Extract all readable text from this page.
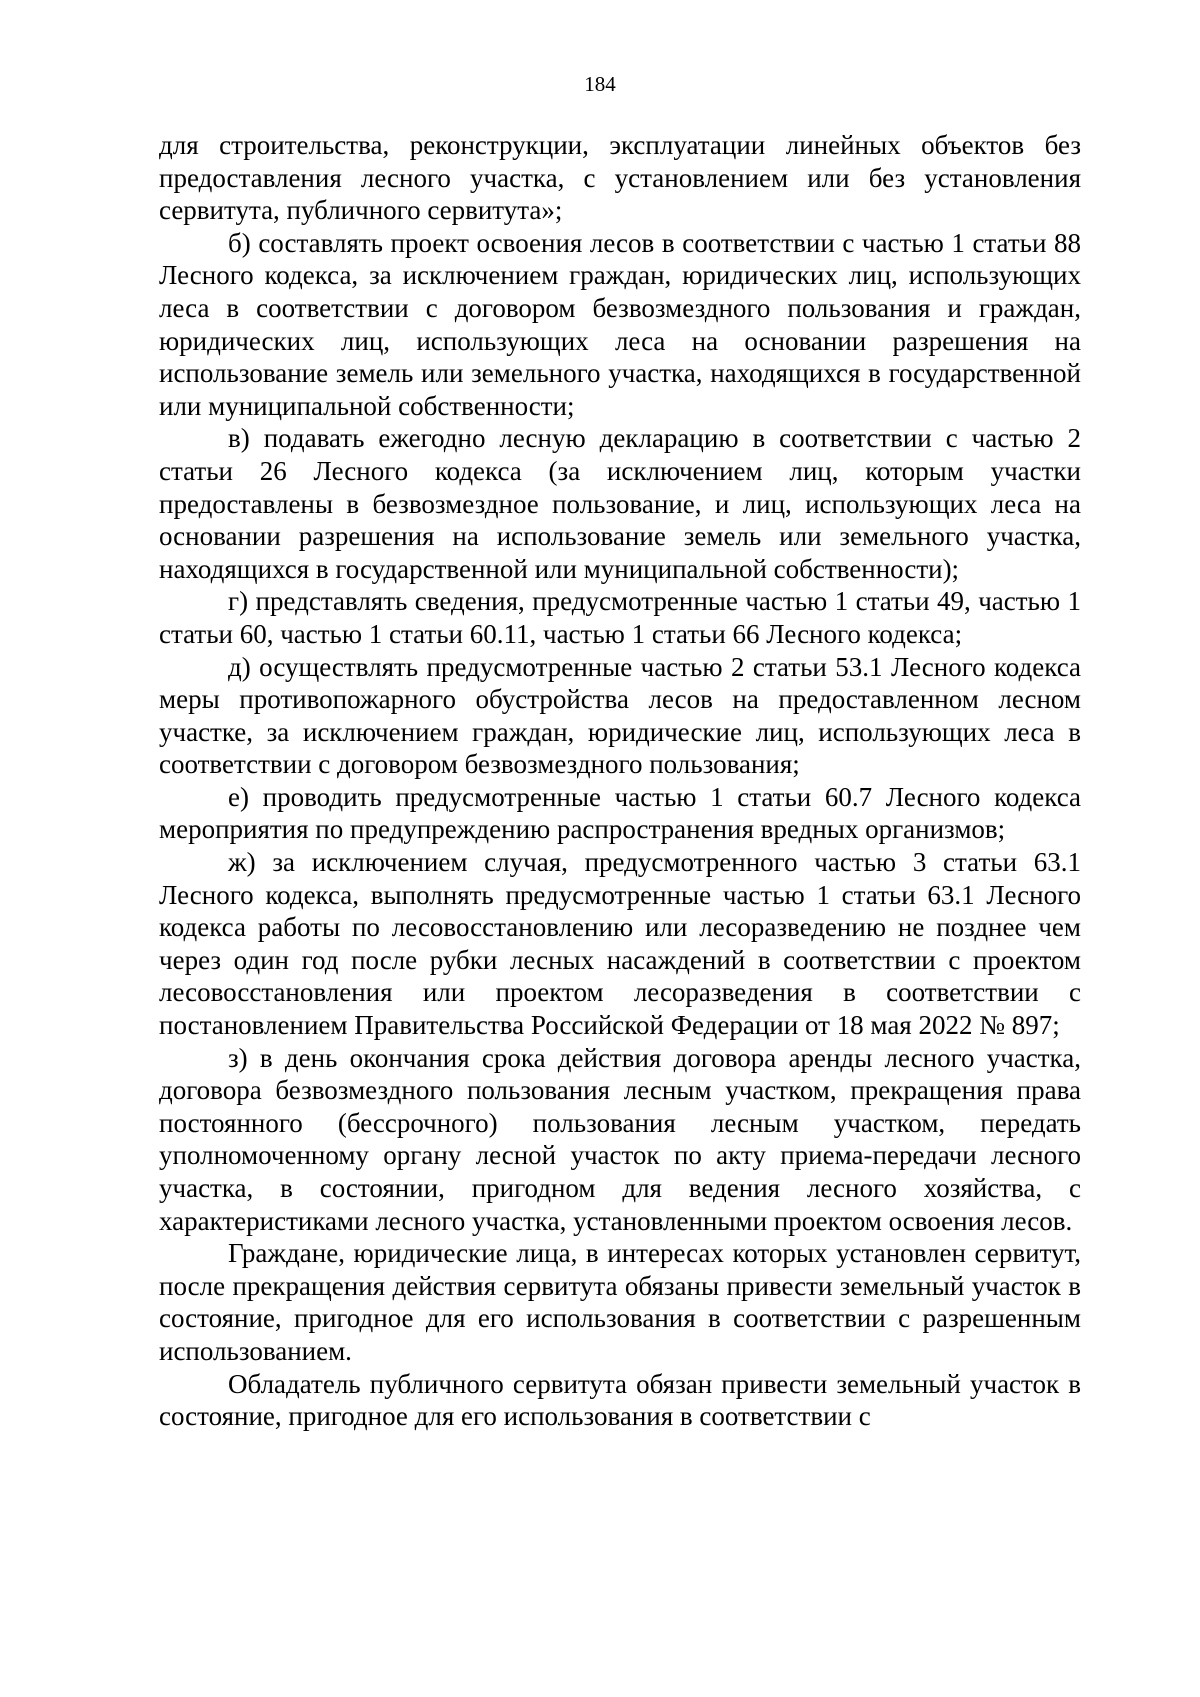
184

для строительства, реконструкции, эксплуатации линейных объектов без предоставления лесного участка, с установлением или без установления сервитута, публичного сервитута»;

б) составлять проект освоения лесов в соответствии с частью 1 статьи 88 Лесного кодекса, за исключением граждан, юридических лиц, использующих леса в соответствии с договором безвозмездного пользования и граждан, юридических лиц, использующих леса на основании разрешения на использование земель или земельного участка, находящихся в государственной или муниципальной собственности;

в) подавать ежегодно лесную декларацию в соответствии с частью 2 статьи 26 Лесного кодекса (за исключением лиц, которым участки предоставлены в безвозмездное пользование, и лиц, использующих леса на основании разрешения на использование земель или земельного участка, находящихся в государственной или муниципальной собственности);

г) представлять сведения, предусмотренные частью 1 статьи 49, частью 1 статьи 60, частью 1 статьи 60.11, частью 1 статьи 66 Лесного кодекса;

д) осуществлять предусмотренные частью 2 статьи 53.1 Лесного кодекса меры противопожарного обустройства лесов на предоставленном лесном участке, за исключением граждан, юридические лиц, использующих леса в соответствии с договором безвозмездного пользования;

е) проводить предусмотренные частью 1 статьи 60.7 Лесного кодекса мероприятия по предупреждению распространения вредных организмов;

ж) за исключением случая, предусмотренного частью 3 статьи 63.1 Лесного кодекса, выполнять предусмотренные частью 1 статьи 63.1 Лесного кодекса работы по лесовосстановлению или лесоразведению не позднее чем через один год после рубки лесных насаждений в соответствии с проектом лесовосстановления или проектом лесоразведения в соответствии с постановлением Правительства Российской Федерации от 18 мая 2022 № 897;

з) в день окончания срока действия договора аренды лесного участка, договора безвозмездного пользования лесным участком, прекращения права постоянного (бессрочного) пользования лесным участком, передать уполномоченному органу лесной участок по акту приема-передачи лесного участка, в состоянии, пригодном для ведения лесного хозяйства, с характеристиками лесного участка, установленными проектом освоения лесов.

Граждане, юридические лица, в интересах которых установлен сервитут, после прекращения действия сервитута обязаны привести земельный участок в состояние, пригодное для его использования в соответствии с разрешенным использованием.

Обладатель публичного сервитута обязан привести земельный участок в состояние, пригодное для его использования в соответствии с
